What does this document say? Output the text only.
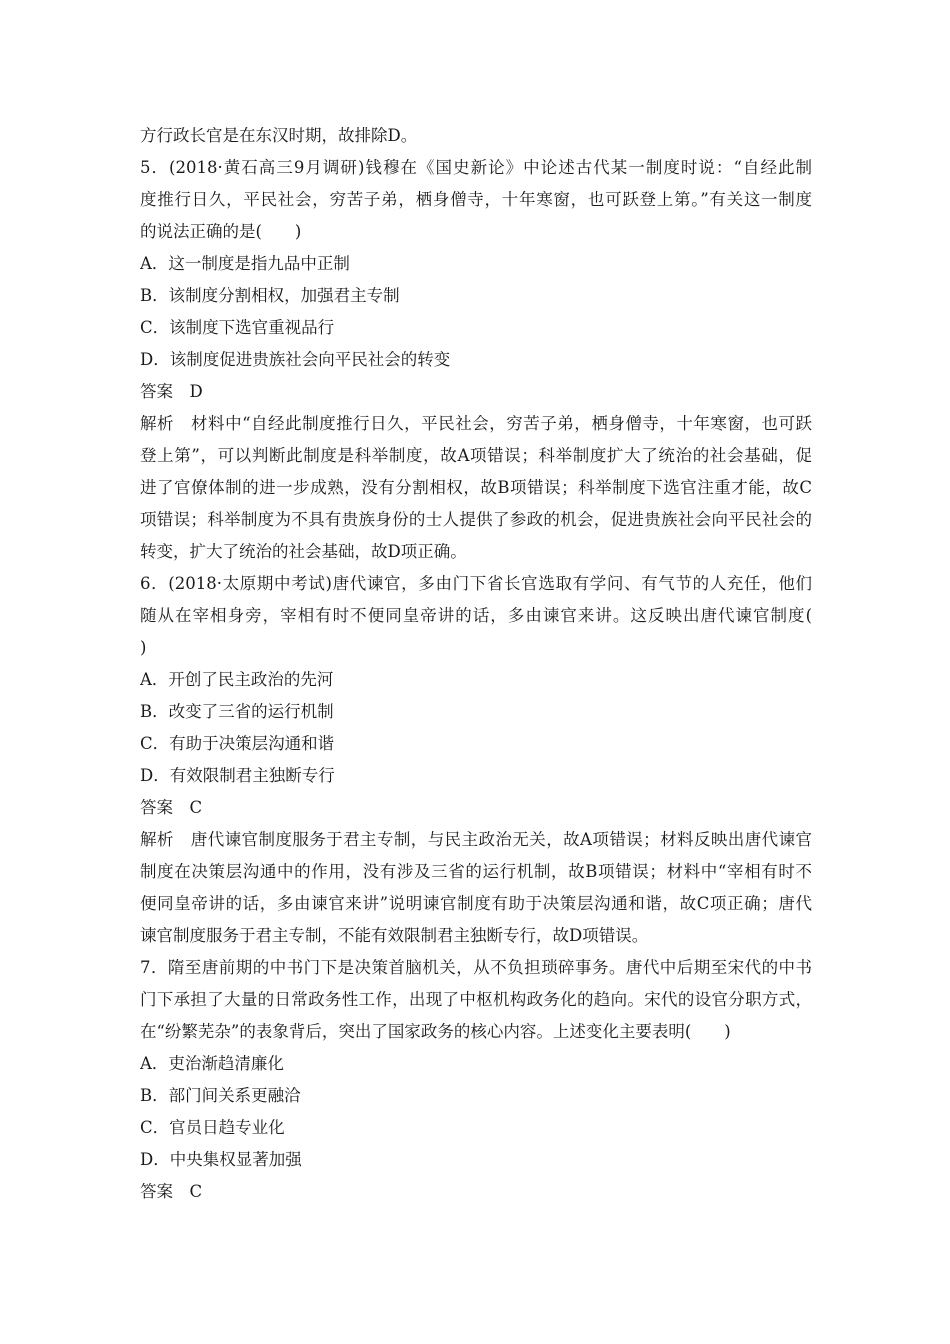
方行政长官是在东汉时期，故排除D。
5．(2018·黄石高三9月调研)钱穆在《国史新论》中论述古代某一制度时说：“自经此制
度推行日久，平民社会，穷苦子弟，栖身僧寺，十年寒窗，也可跃登上第。”有关这一制度
的说法正确的是(　　)
A．这一制度是指九品中正制
B．该制度分割相权，加强君主专制
C．该制度下选官重视品行
D．该制度促进贵族社会向平民社会的转变
答案　D
解析　材料中“自经此制度推行日久，平民社会，穷苦子弟，栖身僧寺，十年寒窗，也可跃
登上第”，可以判断此制度是科举制度，故A项错误；科举制度扩大了统治的社会基础，促
进了官僚体制的进一步成熟，没有分割相权，故B项错误；科举制度下选官注重才能，故C
项错误；科举制度为不具有贵族身份的士人提供了参政的机会，促进贵族社会向平民社会的
转变，扩大了统治的社会基础，故D项正确。
6．(2018·太原期中考试)唐代谏官，多由门下省长官选取有学问、有气节的人充任，他们
随从在宰相身旁，宰相有时不便同皇帝讲的话，多由谏官来讲。这反映出唐代谏官制度(
)
A．开创了民主政治的先河
B．改变了三省的运行机制
C．有助于决策层沟通和谐
D．有效限制君主独断专行
答案　C
解析　唐代谏官制度服务于君主专制，与民主政治无关，故A项错误；材料反映出唐代谏官
制度在决策层沟通中的作用，没有涉及三省的运行机制，故B项错误；材料中“宰相有时不
便同皇帝讲的话，多由谏官来讲”说明谏官制度有助于决策层沟通和谐，故C项正确；唐代
谏官制度服务于君主专制，不能有效限制君主独断专行，故D项错误。
7．隋至唐前期的中书门下是决策首脑机关，从不负担琐碎事务。唐代中后期至宋代的中书
门下承担了大量的日常政务性工作，出现了中枢机构政务化的趋向。宋代的设官分职方式，
在“纷繁芜杂”的表象背后，突出了国家政务的核心内容。上述变化主要表明(　　)
A．吏治渐趋清廉化
B．部门间关系更融洽
C．官员日趋专业化
D．中央集权显著加强
答案　C
